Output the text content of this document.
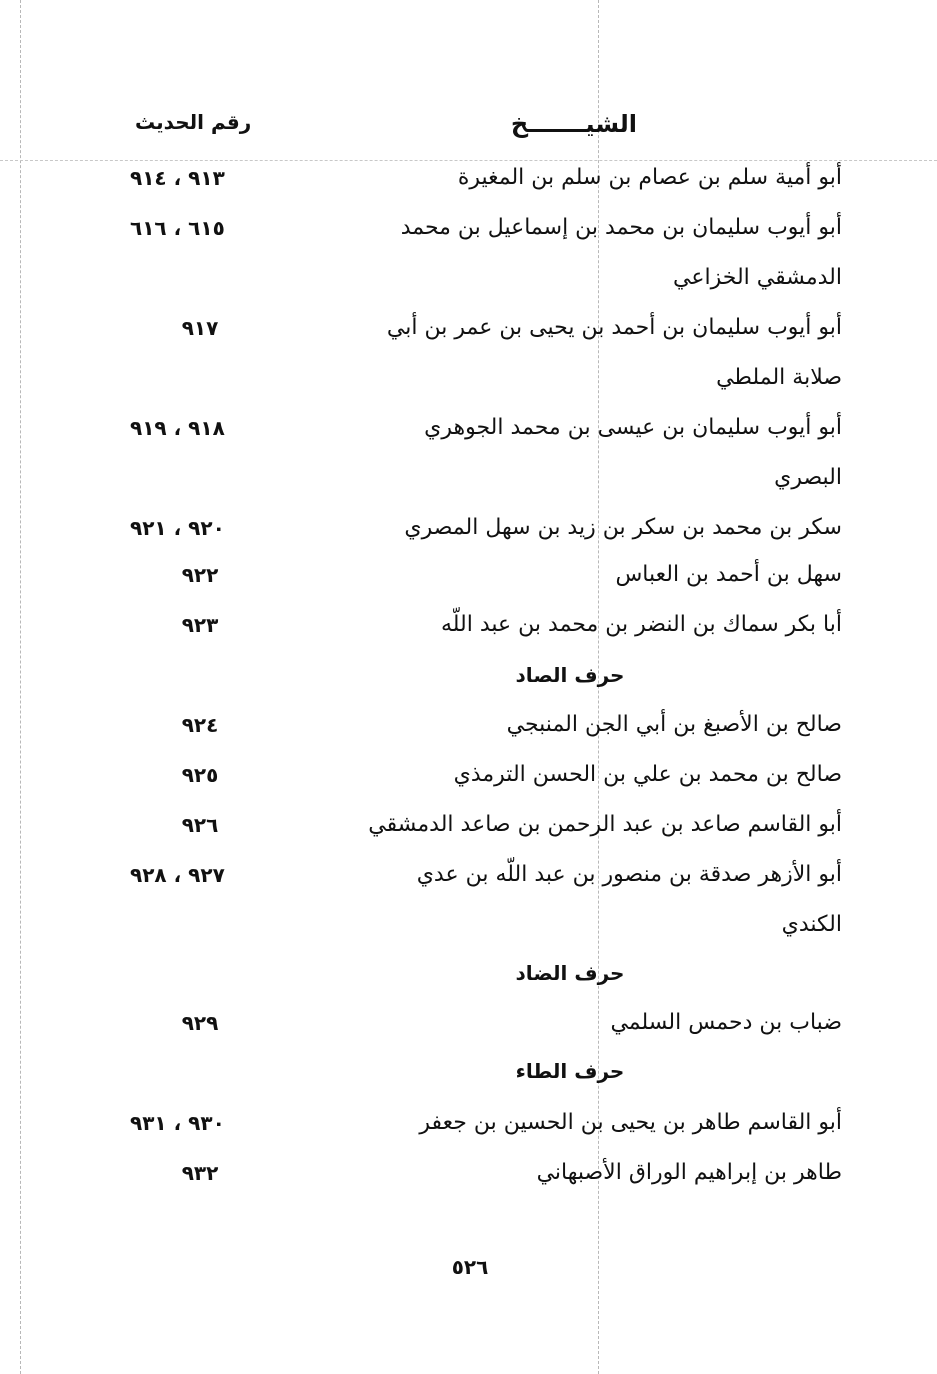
الشيـــــــخ
رقم الحديث
أبو أمية سلم بن عصام بن سلم بن المغيرة
٩١٣ ، ٩١٤
أبو أيوب سليمان بن محمد بن إسماعيل بن محمد
٦١٥ ، ٦١٦
الدمشقي الخزاعي
أبو أيوب سليمان بن أحمد بن يحيى بن عمر بن أبي
٩١٧
صلابة الملطي
أبو أيوب سليمان بن عيسى بن محمد الجوهري
٩١٨ ، ٩١٩
البصري
سكر بن محمد بن سكر بن زيد بن سهل المصري
٩٢٠ ، ٩٢١
سهل بن أحمد بن العباس
٩٢٢
أبا بكر سماك بن النضر بن محمد بن عبد اللّه
٩٢٣
حرف الصاد
صالح بن الأصبغ بن أبي الجن المنبجي
٩٢٤
صالح بن محمد بن علي بن الحسن الترمذي
٩٢٥
أبو القاسم صاعد بن عبد الرحمن بن صاعد الدمشقي
٩٢٦
أبو الأزهر صدقة بن منصور بن عبد اللّه بن عدي
٩٢٧ ، ٩٢٨
الكندي
حرف الضاد
ضباب بن دحمس السلمي
٩٢٩
حرف الطاء
أبو القاسم طاهر بن يحيى بن الحسين بن جعفر
٩٣٠ ، ٩٣١
طاهر بن إبراهيم الوراق الأصبهاني
٩٣٢
٥٢٦
